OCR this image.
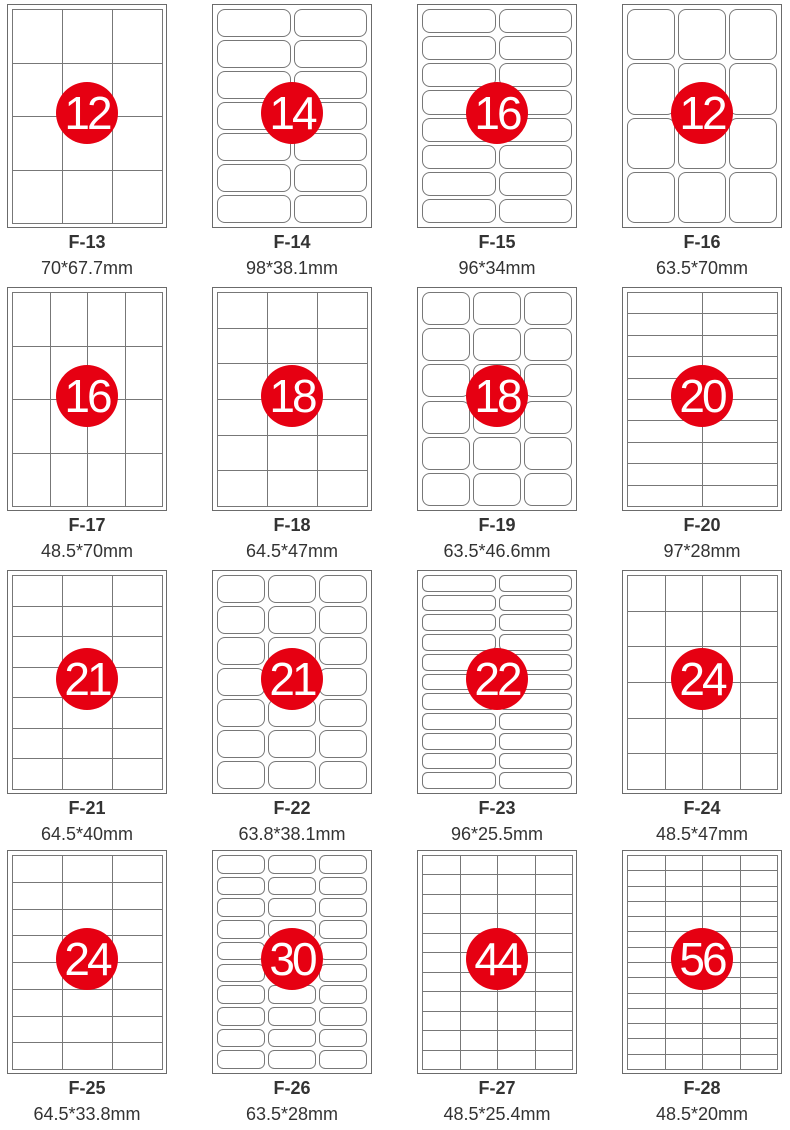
12
F-13
70*67.7mm
14
F-14
98*38.1mm
16
F-15
96*34mm
12
F-16
63.5*70mm
16
F-17
48.5*70mm
18
F-18
64.5*47mm
18
F-19
63.5*46.6mm
20
F-20
97*28mm
21
F-21
64.5*40mm
21
F-22
63.8*38.1mm
22
F-23
96*25.5mm
24
F-24
48.5*47mm
24
F-25
64.5*33.8mm
30
F-26
63.5*28mm
44
F-27
48.5*25.4mm
56
F-28
48.5*20mm
